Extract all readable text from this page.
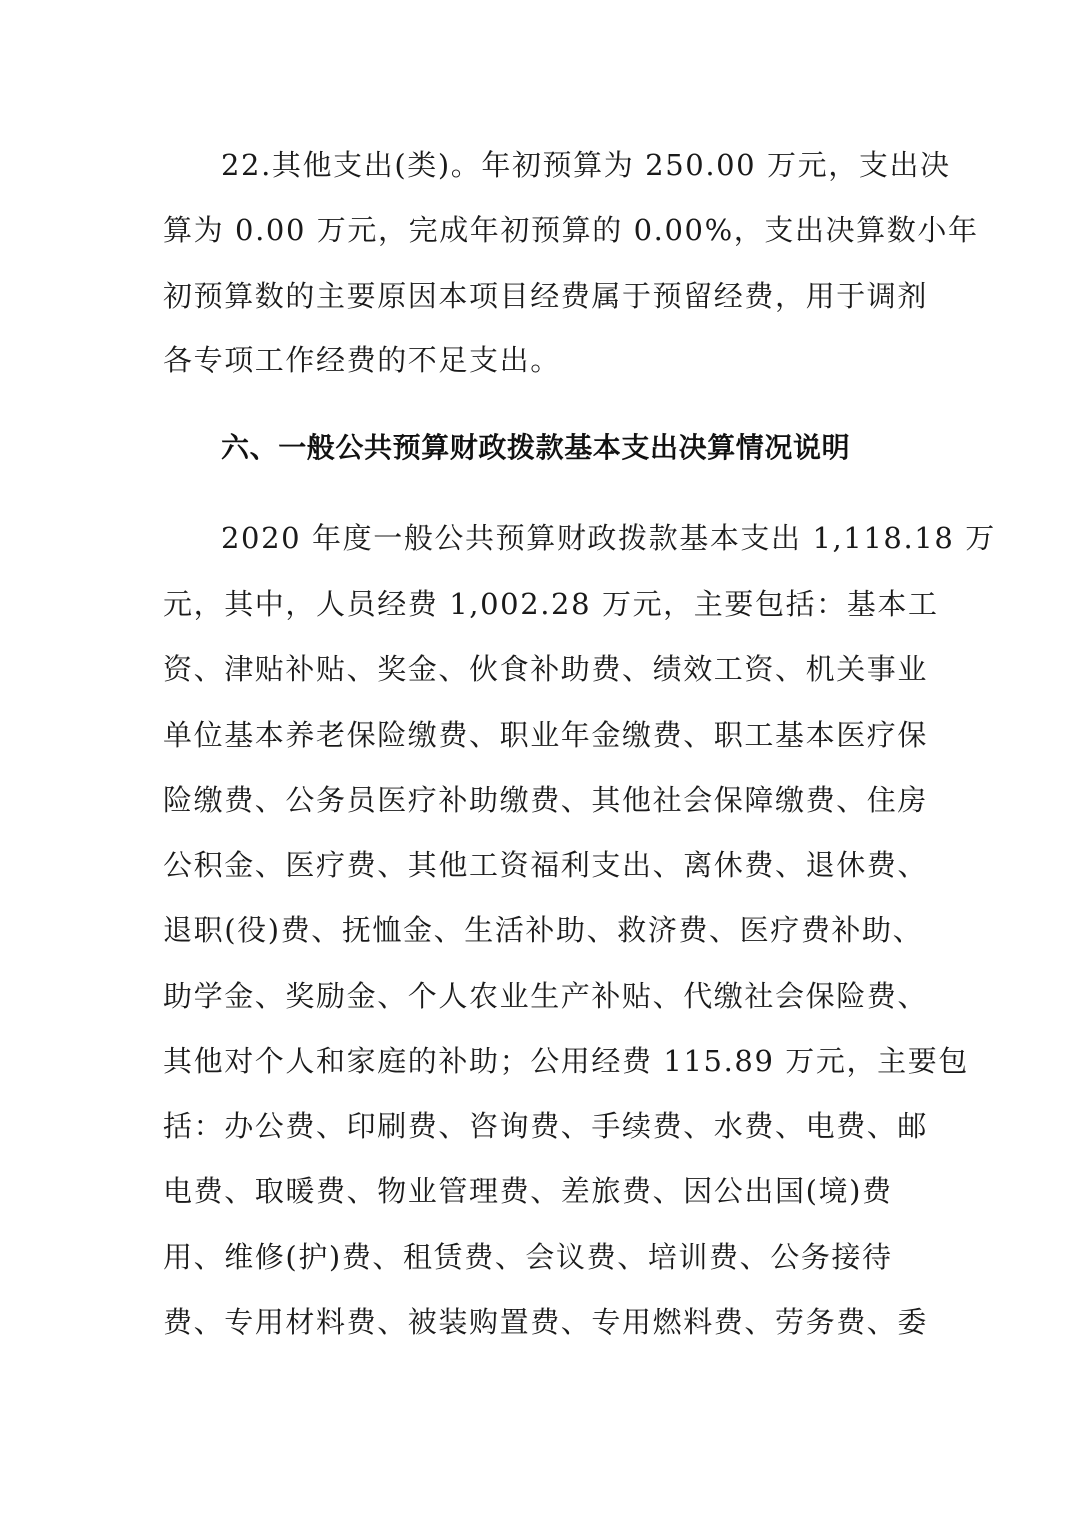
22.其他支出(类)。年初预算为 250.00 万元，支出决
算为 0.00 万元，完成年初预算的 0.00%，支出决算数小年
初预算数的主要原因本项目经费属于预留经费，用于调剂
各专项工作经费的不足支出。
六、一般公共预算财政拨款基本支出决算情况说明
2020 年度一般公共预算财政拨款基本支出 1,118.18 万
元，其中，人员经费 1,002.28 万元，主要包括：基本工
资、津贴补贴、奖金、伙食补助费、绩效工资、机关事业
单位基本养老保险缴费、职业年金缴费、职工基本医疗保
险缴费、公务员医疗补助缴费、其他社会保障缴费、住房
公积金、医疗费、其他工资福利支出、离休费、退休费、
退职(役)费、抚恤金、生活补助、救济费、医疗费补助、
助学金、奖励金、个人农业生产补贴、代缴社会保险费、
其他对个人和家庭的补助；公用经费 115.89 万元，主要包
括：办公费、印刷费、咨询费、手续费、水费、电费、邮
电费、取暖费、物业管理费、差旅费、因公出国(境)费
用、维修(护)费、租赁费、会议费、培训费、公务接待
费、专用材料费、被装购置费、专用燃料费、劳务费、委
